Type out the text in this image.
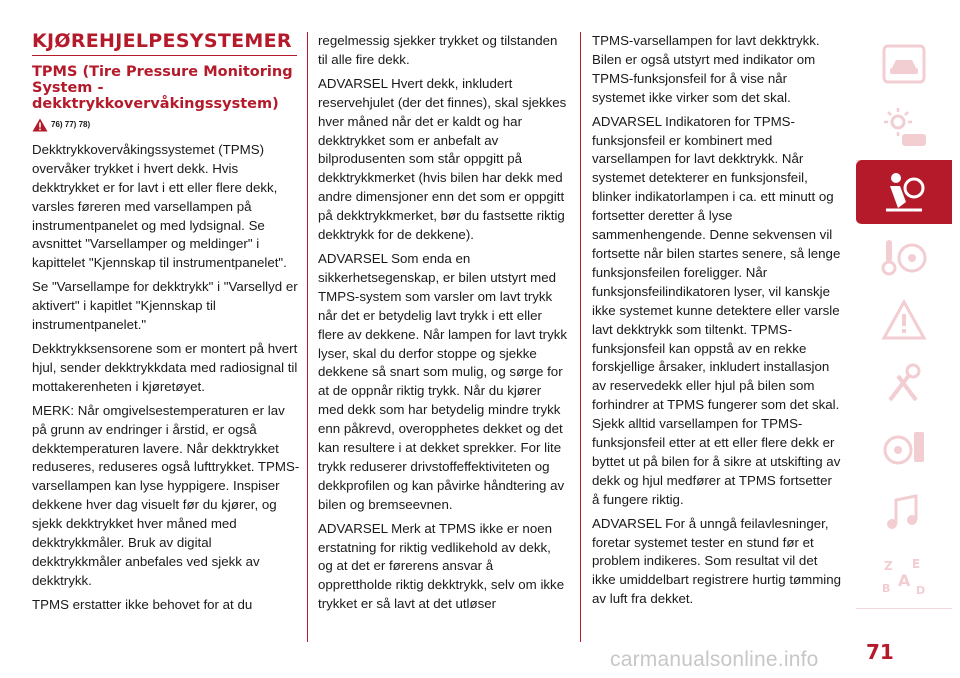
KJØREHJELPESYSTEMER
TPMS (Tire Pressure Monitoring System - dekktrykkovervåkingssystem)
76) 77) 78)

Dekktrykkovervåkingssystemet (TPMS) overvåker trykket i hvert dekk. Hvis dekktrykket er for lavt i ett eller flere dekk, varsles føreren med varsellampen på instrumentpanelet og med lydsignal. Se avsnittet "Varsellamper og meldinger" i kapittelet "Kjennskap til instrumentpanelet".

Se "Varsellampe for dekktrykk" i "Varsellyd er aktivert" i kapitlet "Kjennskap til instrumentpanelet."

Dekktrykksensorene som er montert på hvert hjul, sender dekktrykkdata med radiosignal til mottakerenheten i kjøretøyet.

MERK: Når omgivelsestemperaturen er lav på grunn av endringer i årstid, er også dekktemperaturen lavere. Når dekktrykket reduseres, reduseres også lufttrykket. TPMS-varsellampen kan lyse hyppigere. Inspiser dekkene hver dag visuelt før du kjører, og sjekk dekktrykket hver måned med dekktrykkmåler. Bruk av digital dekktrykkmåler anbefales ved sjekk av dekktrykk.

TPMS erstatter ikke behovet for at du

regelmessig sjekker trykket og tilstanden til alle fire dekk.

ADVARSEL Hvert dekk, inkludert reservehjulet (der det finnes), skal sjekkes hver måned når det er kaldt og har dekktrykket som er anbefalt av bilprodusenten som står oppgitt på dekktrykkmerket (hvis bilen har dekk med andre dimensjoner enn det som er oppgitt på dekktrykkmerket, bør du fastsette riktig dekktrykk for de dekkene).

ADVARSEL Som enda en sikkerhetsegenskap, er bilen utstyrt med TMPS-system som varsler om lavt trykk når det er betydelig lavt trykk i ett eller flere av dekkene. Når lampen for lavt trykk lyser, skal du derfor stoppe og sjekke dekkene så snart som mulig, og sørge for at de oppnår riktig trykk. Når du kjører med dekk som har betydelig mindre trykk enn påkrevd, overopphetes dekket og det kan resultere i at dekket sprekker. For lite trykk reduserer drivstoffeffektiviteten og dekkprofilen og kan påvirke håndtering av bilen og bremseevnen.

ADVARSEL Merk at TPMS ikke er noen erstatning for riktig vedlikehold av dekk, og at det er førerens ansvar å opprettholde riktig dekktrykk, selv om ikke trykket er så lavt at det utløser

TPMS-varsellampen for lavt dekktrykk. Bilen er også utstyrt med indikator om TPMS-funksjonsfeil for å vise når systemet ikke virker som det skal.

ADVARSEL Indikatoren for TPMS-funksjonsfeil er kombinert med varsellampen for lavt dekktrykk. Når systemet detekterer en funksjonsfeil, blinker indikatorlampen i ca. ett minutt og fortsetter deretter å lyse sammenhengende. Denne sekvensen vil fortsette når bilen startes senere, så lenge funksjonsfeilen foreligger. Når funksjonsfeilindikatoren lyser, vil kanskje ikke systemet kunne detektere eller varsle lavt dekktrykk som tiltenkt. TPMS-funksjonsfeil kan oppstå av en rekke forskjellige årsaker, inkludert installasjon av reservedekk eller hjul på bilen som forhindrer at TPMS fungerer som det skal. Sjekk alltid varsellampen for TPMS-funksjonsfeil etter at ett eller flere dekk er byttet ut på bilen for å sikre at utskifting av dekk og hjul medfører at TPMS fortsetter å fungere riktig.

ADVARSEL For å unngå feilavlesninger, foretar systemet tester en stund før et problem indikeres. Som resultat vil det ikke umiddelbart registrere hurtig tømming av luft fra dekket.

Z E
A
B D
71
carmanualsonline.info
